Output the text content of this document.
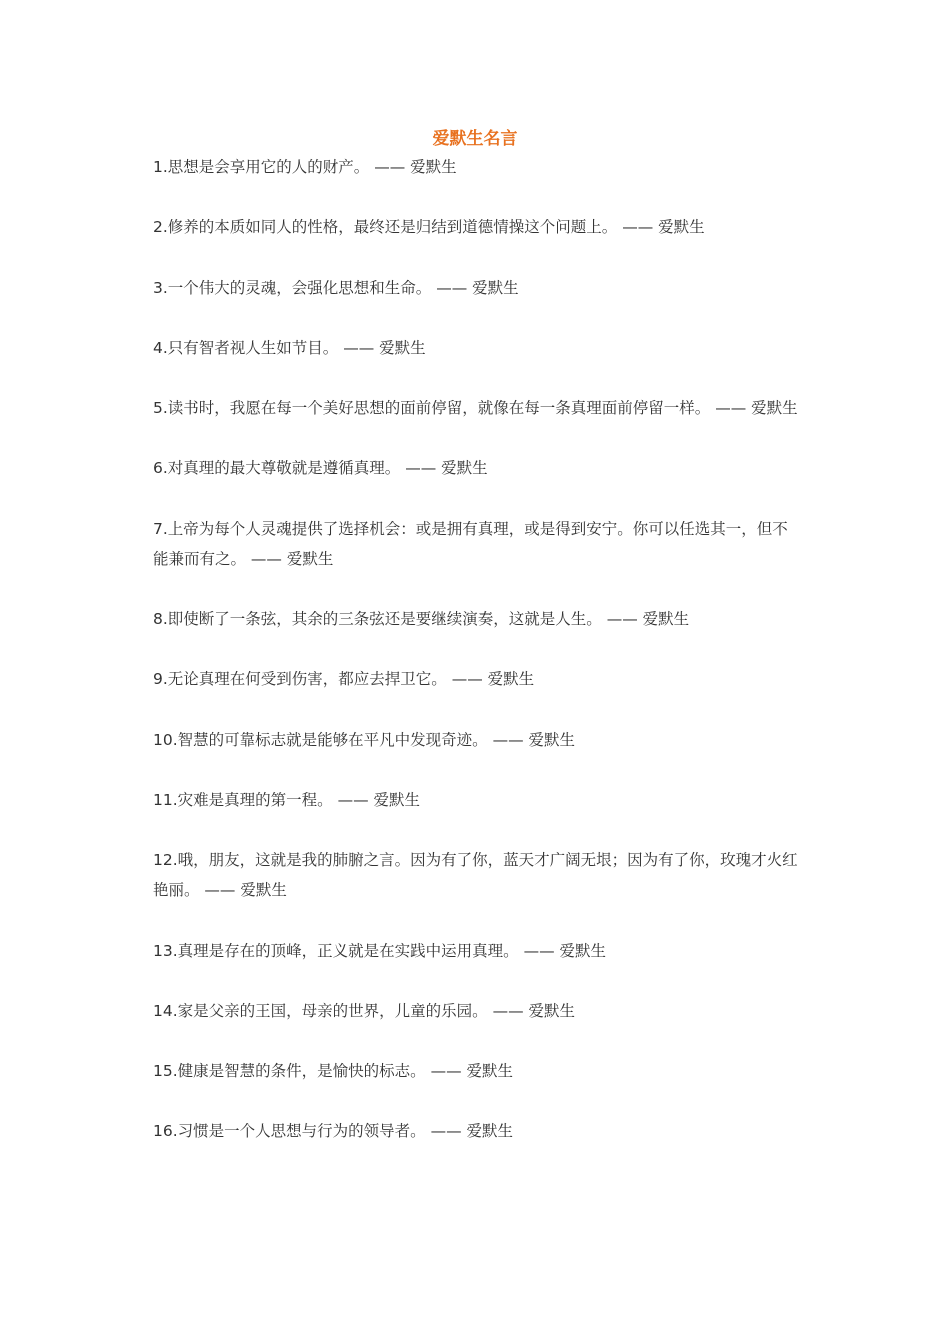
爱默生名言
1.思想是会享用它的人的财产。 —— 爱默生
2.修养的本质如同人的性格，最终还是归结到道德情操这个问题上。 —— 爱默生
3.一个伟大的灵魂，会强化思想和生命。 —— 爱默生
4.只有智者视人生如节目。 —— 爱默生
5.读书时，我愿在每一个美好思想的面前停留，就像在每一条真理面前停留一样。 —— 爱默生
6.对真理的最大尊敬就是遵循真理。 —— 爱默生
7.上帝为每个人灵魂提供了选择机会：或是拥有真理，或是得到安宁。你可以任选其一，但不能兼而有之。 —— 爱默生
8.即使断了一条弦，其余的三条弦还是要继续演奏，这就是人生。 —— 爱默生
9.无论真理在何受到伤害，都应去捍卫它。 —— 爱默生
10.智慧的可靠标志就是能够在平凡中发现奇迹。 —— 爱默生
11.灾难是真理的第一程。 —— 爱默生
12.哦，朋友，这就是我的肺腑之言。因为有了你，蓝天才广阔无垠；因为有了你，玫瑰才火红艳丽。 —— 爱默生
13.真理是存在的顶峰，正义就是在实践中运用真理。 —— 爱默生
14.家是父亲的王国，母亲的世界，儿童的乐园。 —— 爱默生
15.健康是智慧的条件，是愉快的标志。 —— 爱默生
16.习惯是一个人思想与行为的领导者。 —— 爱默生
